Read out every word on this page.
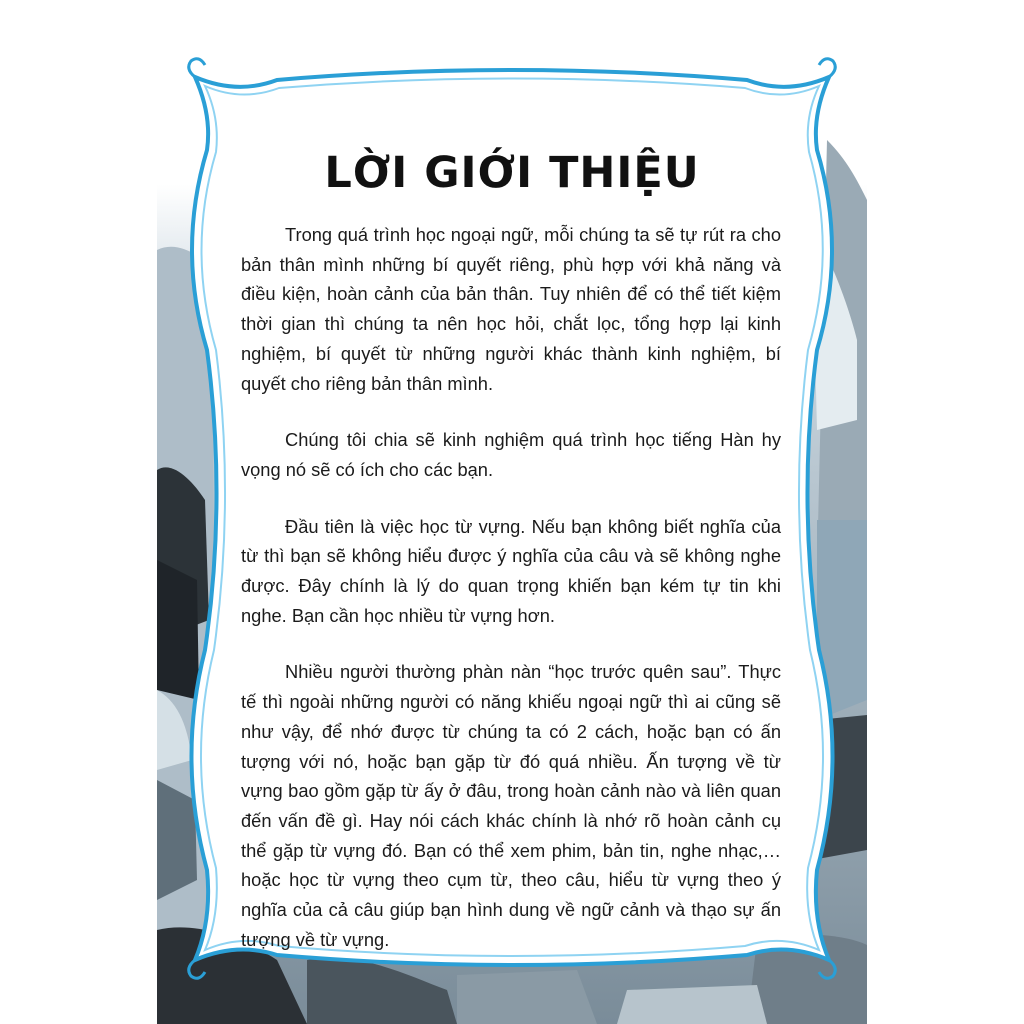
LỜI GIỚI THIỆU

Trong quá trình học ngoại ngữ, mỗi chúng ta sẽ tự rút ra cho bản thân mình những bí quyết riêng, phù hợp với khả năng và điều kiện, hoàn cảnh của bản thân. Tuy nhiên để có thể tiết kiệm thời gian thì chúng ta nên học hỏi, chắt lọc, tổng hợp lại kinh nghiệm, bí quyết từ những người khác thành kinh nghiệm, bí quyết cho riêng bản thân mình.

Chúng tôi chia sẽ kinh nghiệm quá trình học tiếng Hàn hy vọng nó sẽ có ích cho các bạn.

Đầu tiên là việc học từ vựng. Nếu bạn không biết nghĩa của từ thì bạn sẽ không hiểu được ý nghĩa của câu và sẽ không nghe được. Đây chính là lý do quan trọng khiến bạn kém tự tin khi nghe. Bạn cần học nhiều từ vựng hơn.

Nhiều người thường phàn nàn “học trước quên sau”. Thực tế thì ngoài những người có năng khiếu ngoại ngữ thì ai cũng sẽ như vậy, để nhớ được từ chúng ta có 2 cách, hoặc bạn có ấn tượng với nó, hoặc bạn gặp từ đó quá nhiều. Ấn tượng về từ vựng bao gồm gặp từ ấy ở đâu, trong hoàn cảnh nào và liên quan đến vấn đề gì. Hay nói cách khác chính là nhớ rõ hoàn cảnh cụ thể gặp từ vựng đó. Bạn có thể xem phim, bản tin, nghe nhạc,…hoặc học từ vựng theo cụm từ, theo câu, hiểu từ vựng theo ý nghĩa của cả câu giúp bạn hình dung về ngữ cảnh và thạo sự ấn tượng về từ vựng.
